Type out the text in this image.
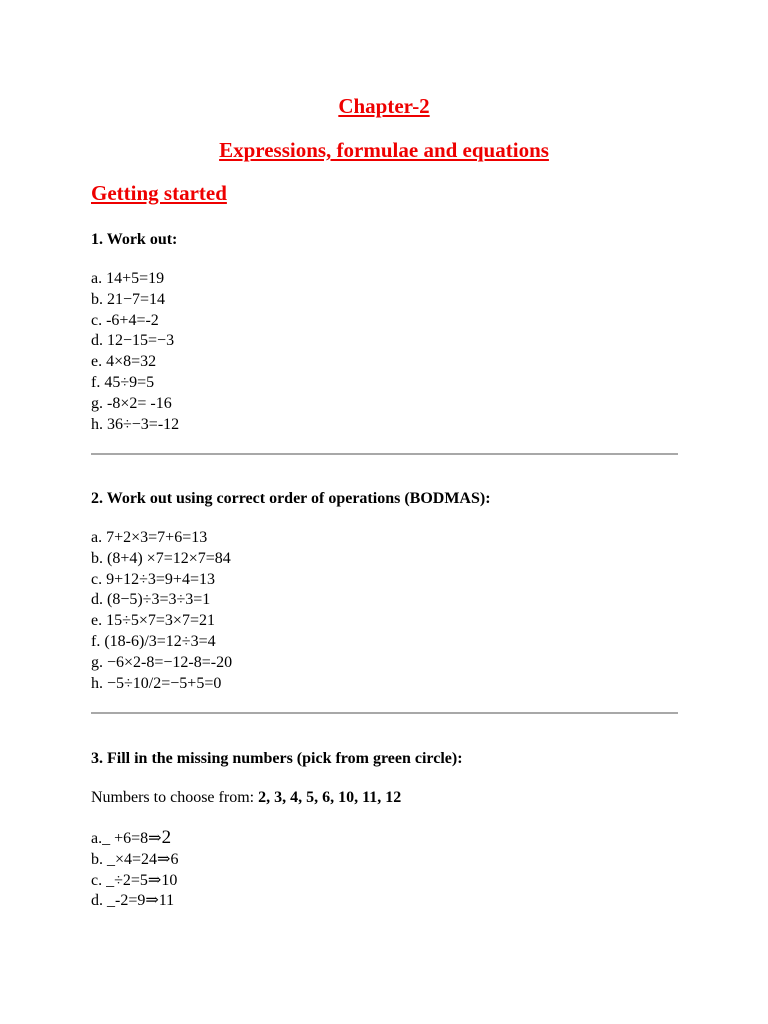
Chapter-2
Expressions, formulae and equations
Getting started
1. Work out:
a. 14+5=19
b. 21−7=14
c. -6+4=-2
d. 12−15=−3
e. 4×8=32
f. 45÷9=5
g. -8×2= -16
h. 36÷−3=-12
2. Work out using correct order of operations (BODMAS):
a. 7+2×3=7+6=13
b. (8+4) ×7=12×7=84
c. 9+12÷3=9+4=13
d. (8−5)÷3=3÷3=1
e. 15÷5×7=3×7=21
f. (18-6)/3=12÷3=4
g. −6×2-8=−12-8=-20
h. −5÷10/2=−5+5=0
3. Fill in the missing numbers (pick from green circle):
Numbers to choose from: 2, 3, 4, 5, 6, 10, 11, 12
a._ +6=8⇒2
b. _×4=24⇒6
c. _÷2=5⇒10
d. _-2=9⇒11
